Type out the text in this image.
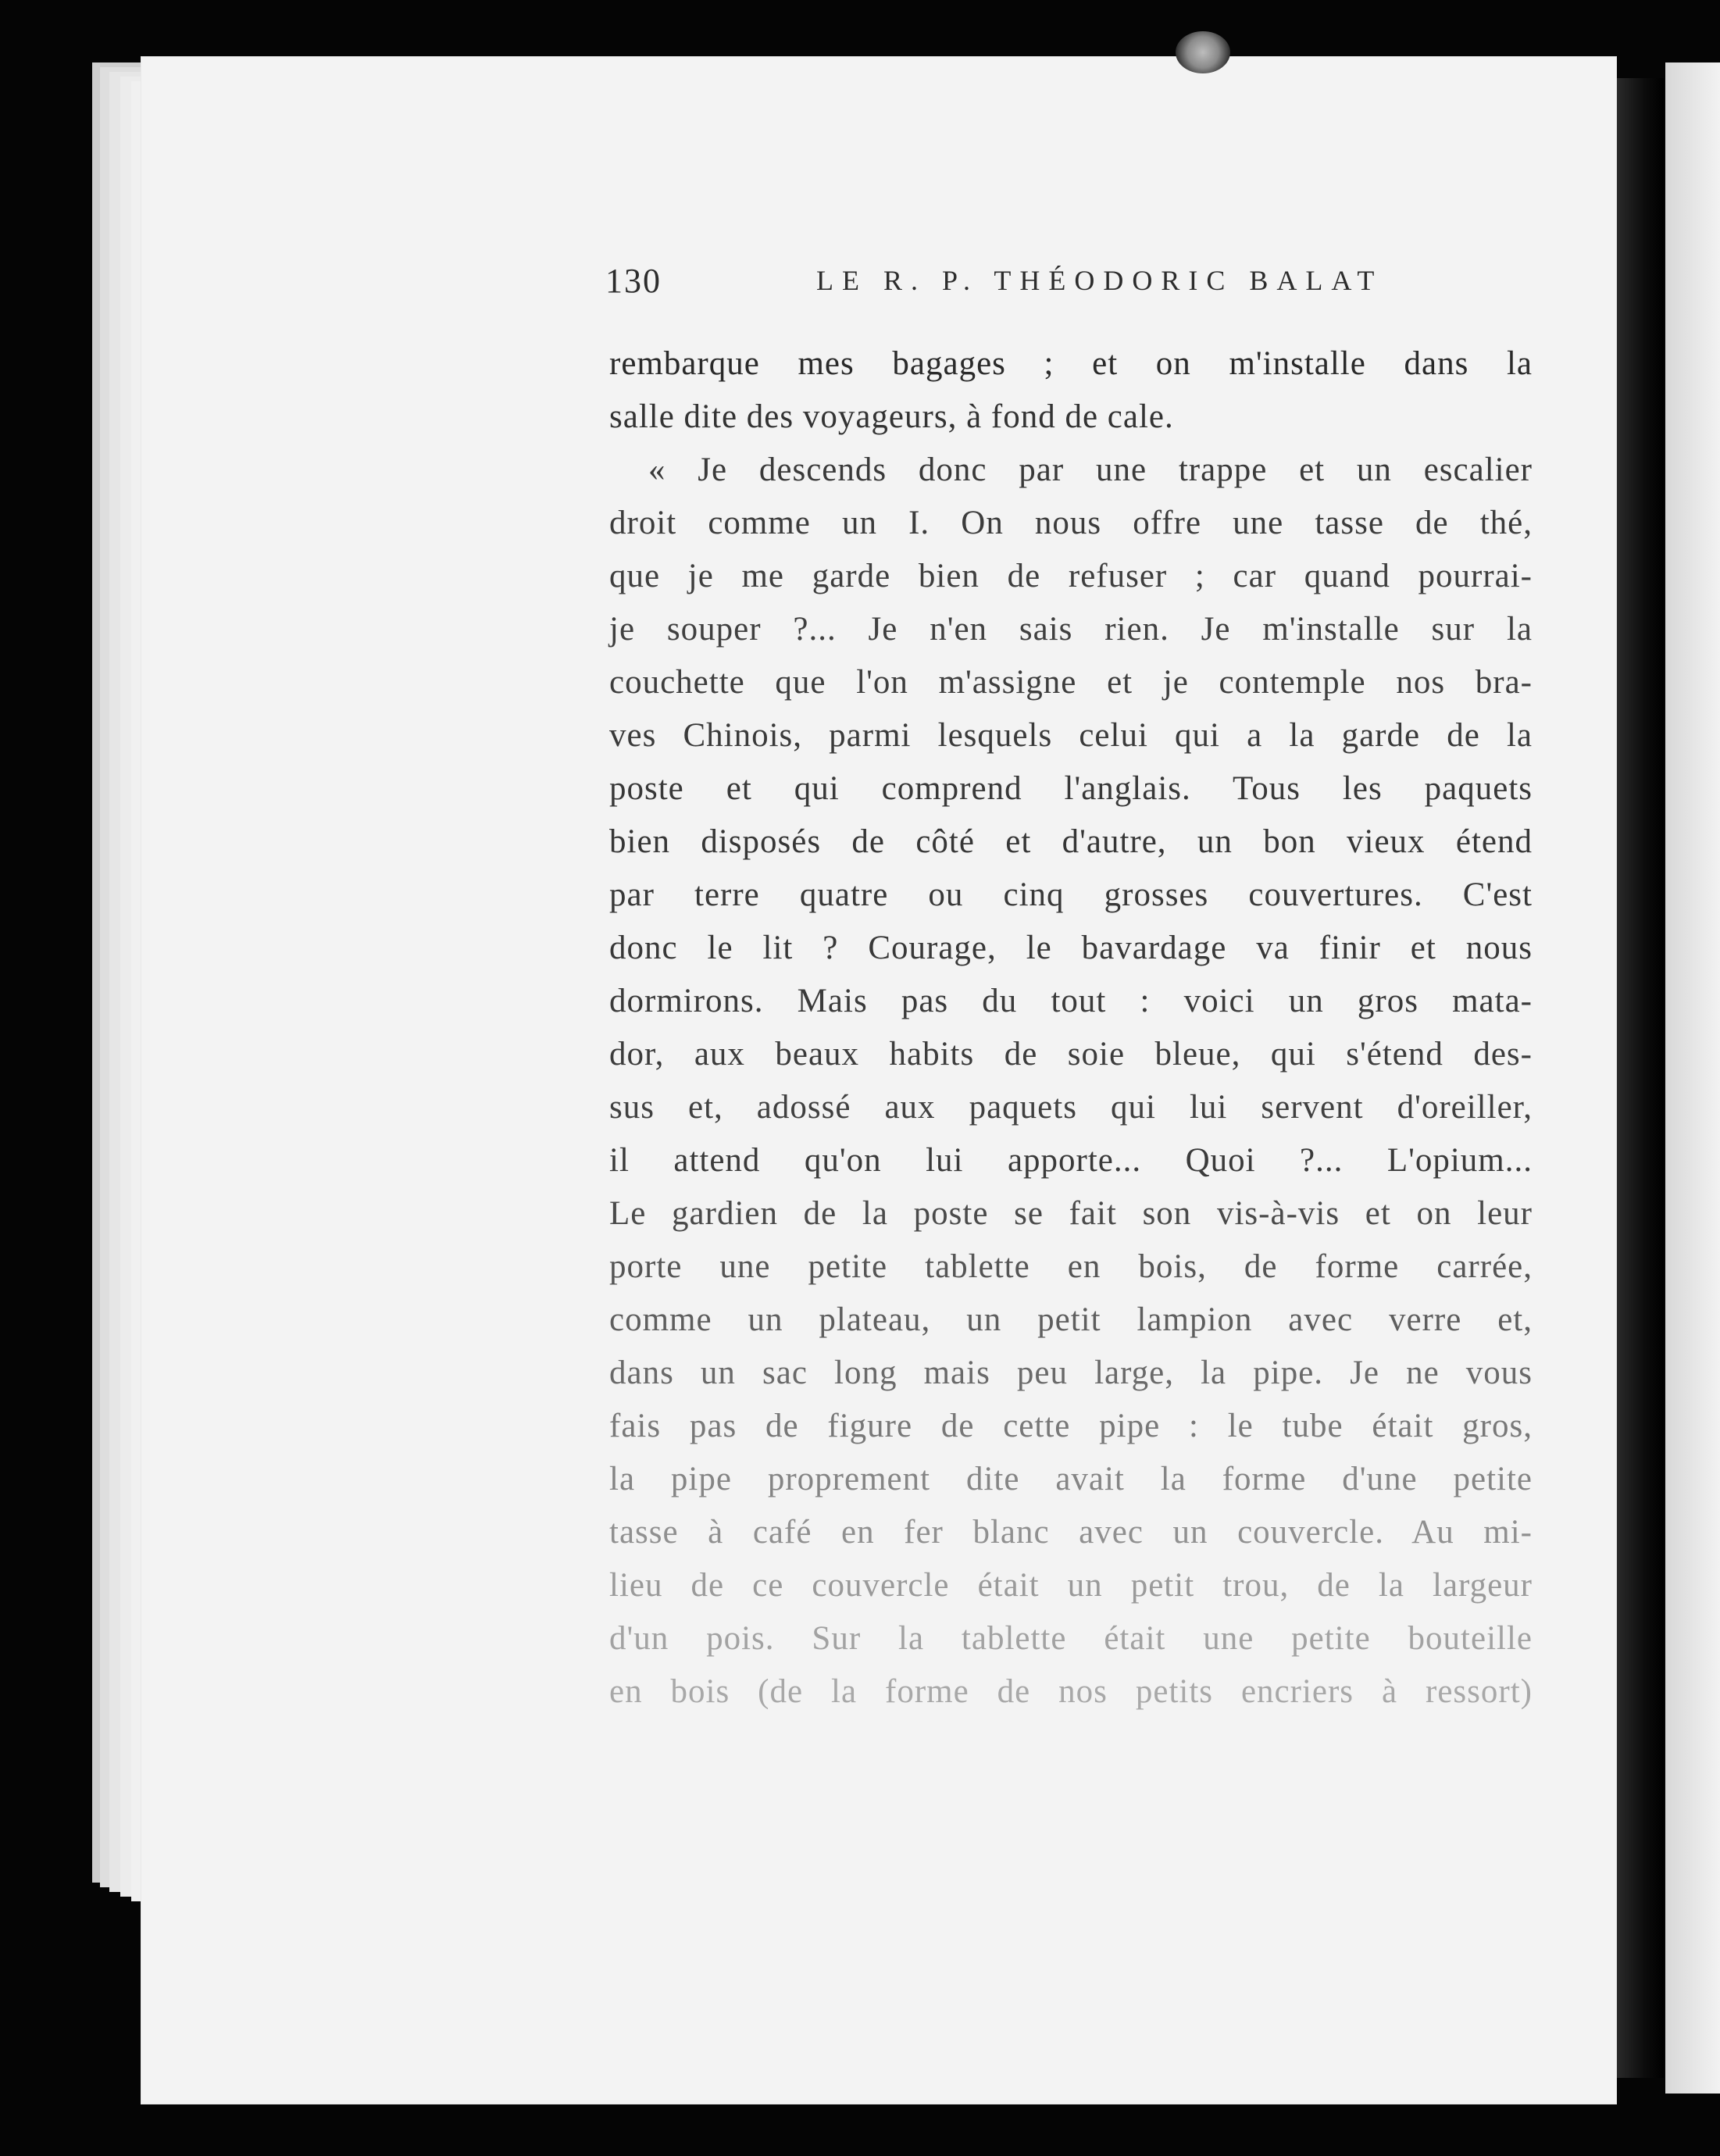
130	LE R. P. THÉODORIC BALAT
rembarque mes bagages ; et on m'installe dans la
salle dite des voyageurs, à fond de cale.
« Je descends donc par une trappe et un escalier
droit comme un I. On nous offre une tasse de thé,
que je me garde bien de refuser ; car quand pourrai-
je souper ?... Je n'en sais rien. Je m'installe sur la
couchette que l'on m'assigne et je contemple nos bra-
ves Chinois, parmi lesquels celui qui a la garde de la
poste et qui comprend l'anglais. Tous les paquets
bien disposés de côté et d'autre, un bon vieux étend
par terre quatre ou cinq grosses couvertures. C'est
donc le lit ? Courage, le bavardage va finir et nous
dormirons. Mais pas du tout : voici un gros mata-
dor, aux beaux habits de soie bleue, qui s'étend des-
sus et, adossé aux paquets qui lui servent d'oreiller,
il attend qu'on lui apporte... Quoi ?... L'opium...
Le gardien de la poste se fait son vis-à-vis et on leur
porte une petite tablette en bois, de forme carrée,
comme un plateau, un petit lampion avec verre et,
dans un sac long mais peu large, la pipe. Je ne vous
fais pas de figure de cette pipe : le tube était gros,
la pipe proprement dite avait la forme d'une petite
tasse à café en fer blanc avec un couvercle. Au mi-
lieu de ce couvercle était un petit trou, de la largeur
d'un pois. Sur la tablette était une petite bouteille
en bois (de la forme de nos petits encriers à ressort)
